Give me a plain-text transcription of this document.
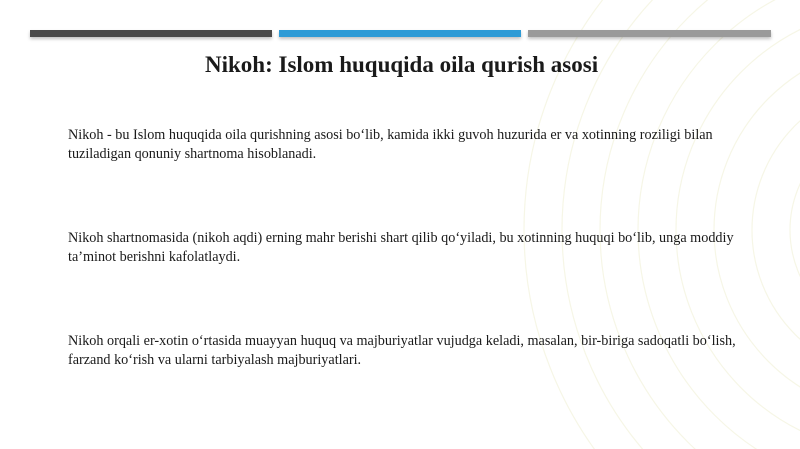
Nikoh: Islom huquqida oila qurish asosi
Nikoh - bu Islom huquqida oila qurishning asosi bo‘lib, kamida ikki guvoh huzurida er va xotinning roziligi bilan tuziladigan qonuniy shartnoma hisoblanadi.
Nikoh shartnomasida (nikoh aqdi) erning mahr berishi shart qilib qo‘yiladi, bu xotinning huquqi bo‘lib, unga moddiy ta’minot berishni kafolatlaydi.
Nikoh orqali er-xotin o‘rtasida muayyan huquq va majburiyatlar vujudga keladi, masalan, bir-biriga sadoqatli bo‘lish, farzand ko‘rish va ularni tarbiyalash majburiyatlari.
